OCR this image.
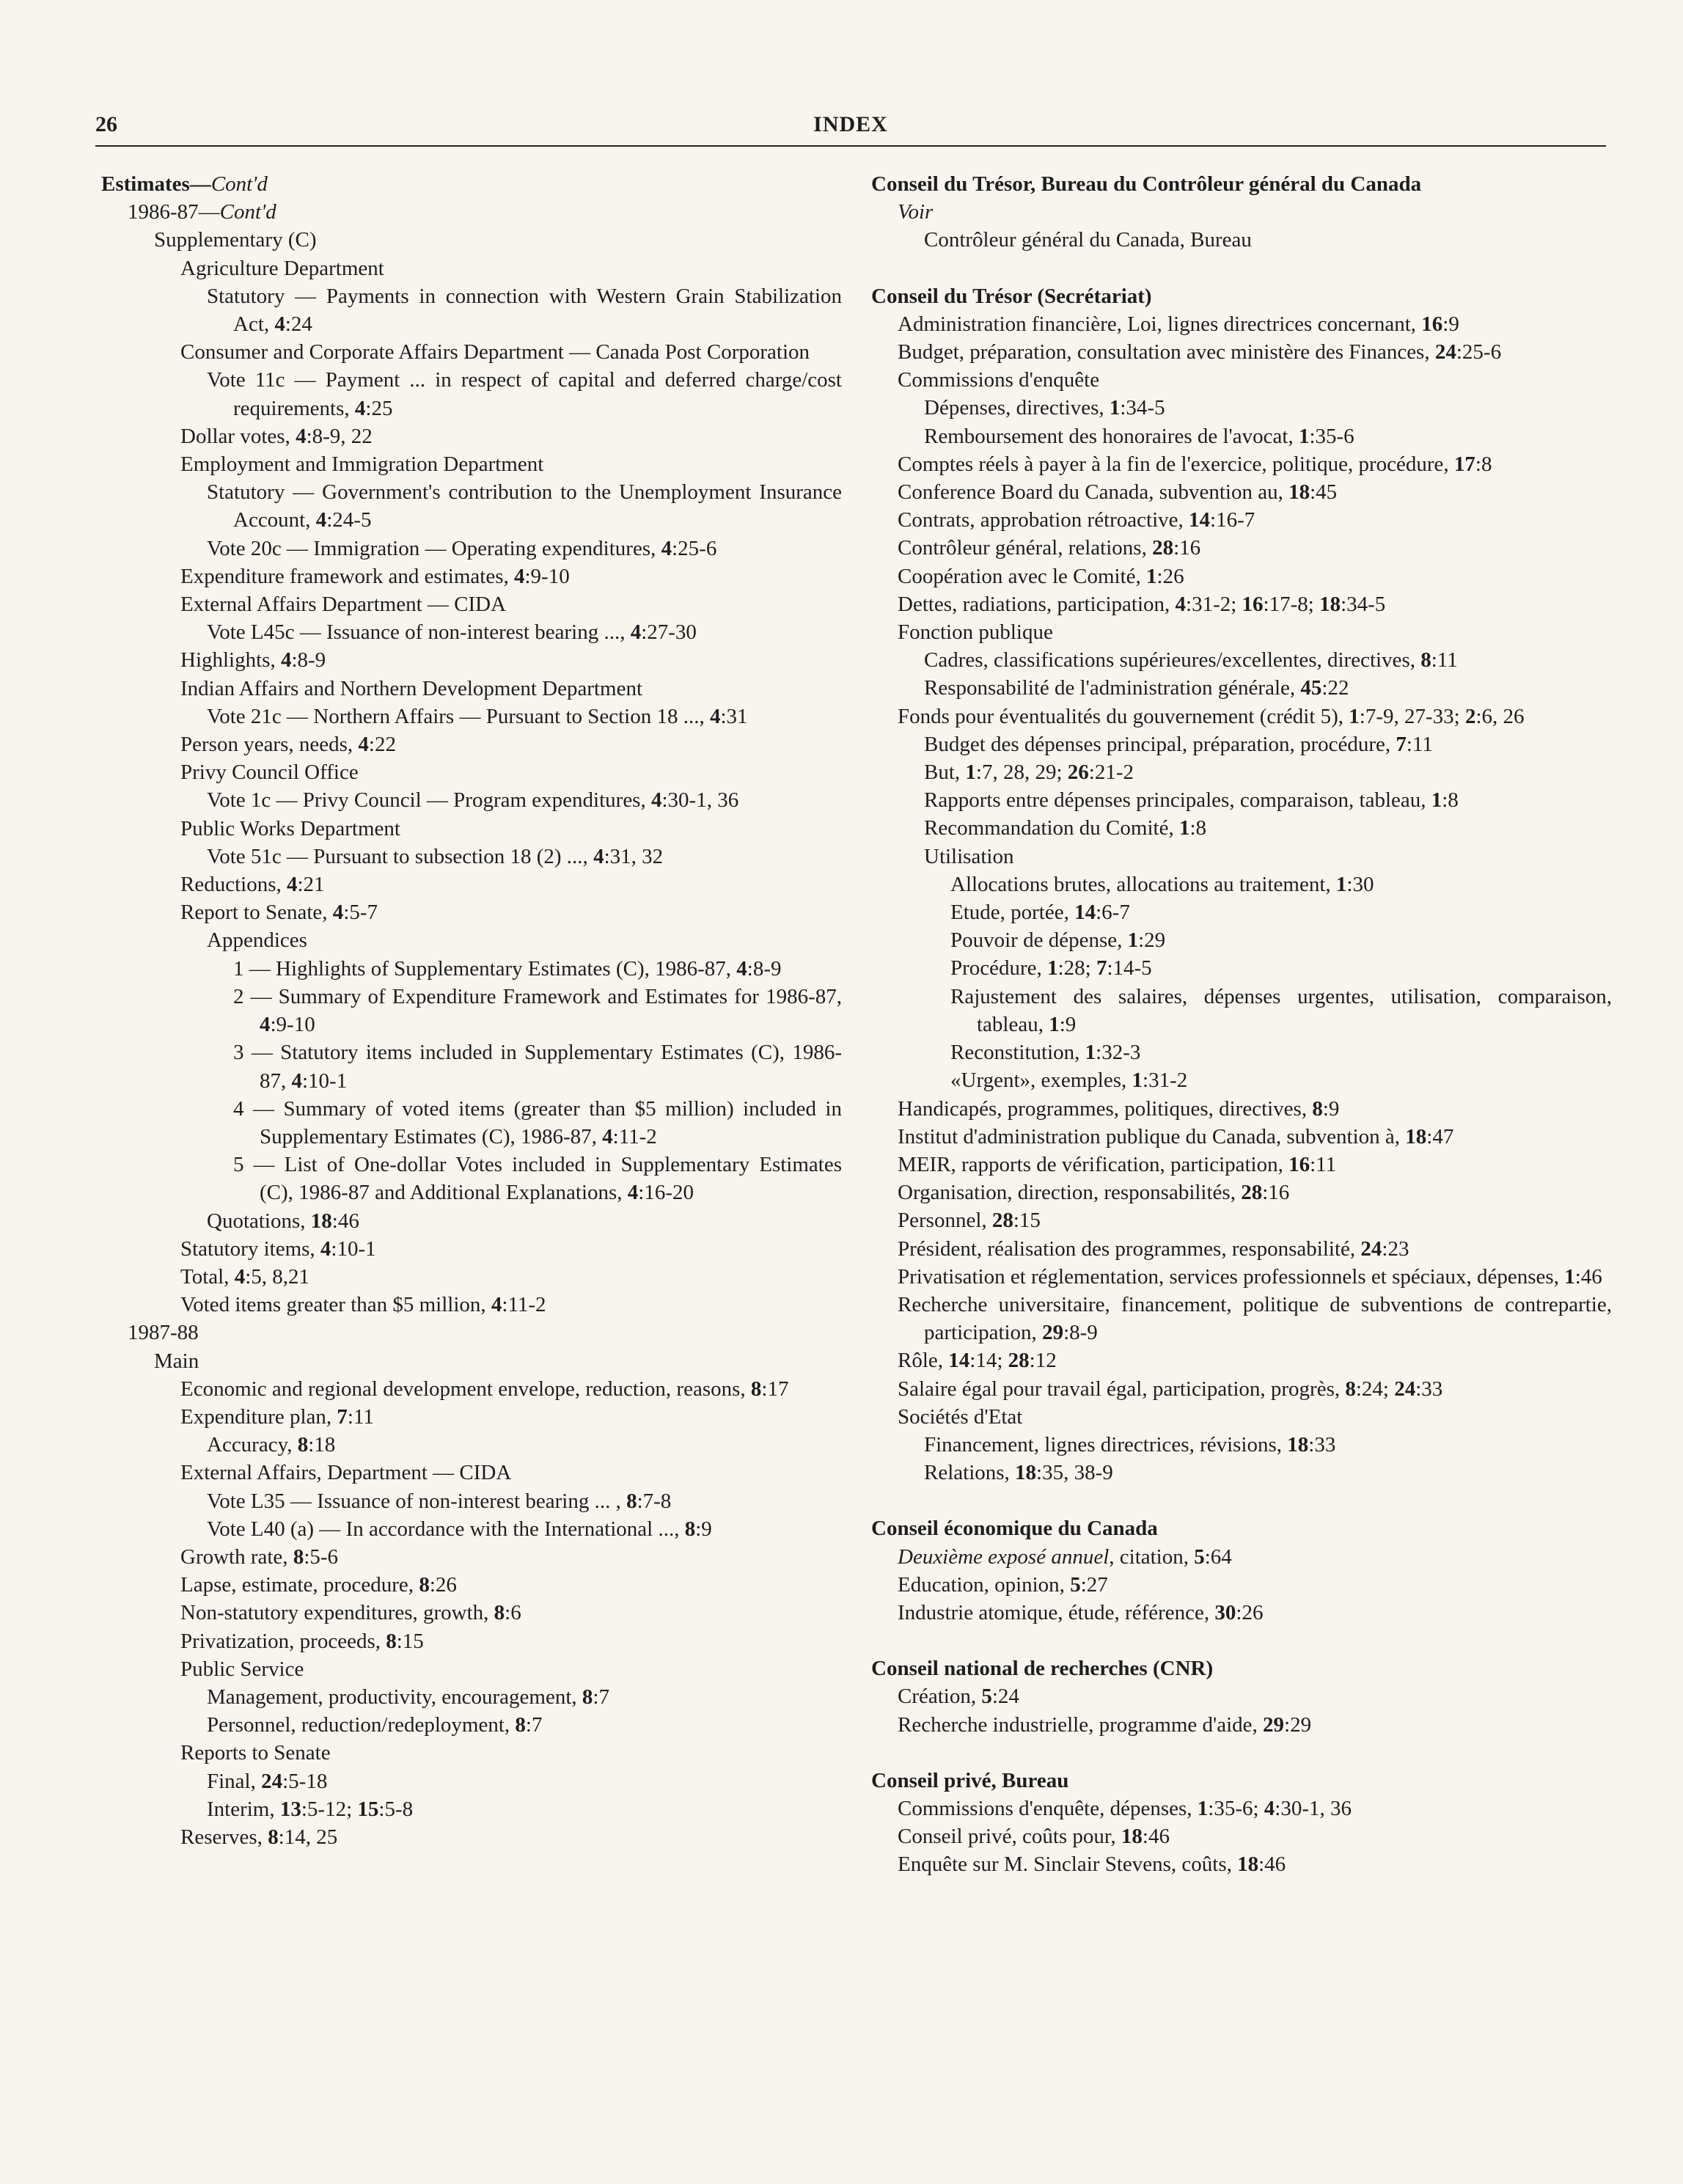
26	INDEX
Estimates—Cont'd
1986-87—Cont'd
Supplementary (C)
Agriculture Department
Statutory — Payments in connection with Western Grain Stabilization Act, 4:24
Consumer and Corporate Affairs Department — Canada Post Corporation
Vote 11c — Payment ... in respect of capital and deferred charge/cost requirements, 4:25
Dollar votes, 4:8-9, 22
Employment and Immigration Department
Statutory — Government's contribution to the Unemployment Insurance Account, 4:24-5
Vote 20c — Immigration — Operating expenditures, 4:25-6
Expenditure framework and estimates, 4:9-10
External Affairs Department — CIDA
Vote L45c — Issuance of non-interest bearing ..., 4:27-30
Highlights, 4:8-9
Indian Affairs and Northern Development Department
Vote 21c — Northern Affairs — Pursuant to Section 18 ..., 4:31
Person years, needs, 4:22
Privy Council Office
Vote 1c — Privy Council — Program expenditures, 4:30-1, 36
Public Works Department
Vote 51c — Pursuant to subsection 18 (2) ..., 4:31, 32
Reductions, 4:21
Report to Senate, 4:5-7
Appendices
1 — Highlights of Supplementary Estimates (C), 1986-87, 4:8-9
2 — Summary of Expenditure Framework and Estimates for 1986-87, 4:9-10
3 — Statutory items included in Supplementary Estimates (C), 1986-87, 4:10-1
4 — Summary of voted items (greater than $5 million) included in Supplementary Estimates (C), 1986-87, 4:11-2
5 — List of One-dollar Votes included in Supplementary Estimates (C), 1986-87 and Additional Explanations, 4:16-20
Quotations, 18:46
Statutory items, 4:10-1
Total, 4:5, 8,21
Voted items greater than $5 million, 4:11-2
1987-88
Main
Economic and regional development envelope, reduction, reasons, 8:17
Expenditure plan, 7:11
Accuracy, 8:18
External Affairs, Department — CIDA
Vote L35 — Issuance of non-interest bearing ... , 8:7-8
Vote L40 (a) — In accordance with the International ..., 8:9
Growth rate, 8:5-6
Lapse, estimate, procedure, 8:26
Non-statutory expenditures, growth, 8:6
Privatization, proceeds, 8:15
Public Service
Management, productivity, encouragement, 8:7
Personnel, reduction/redeployment, 8:7
Reports to Senate
Final, 24:5-18
Interim, 13:5-12; 15:5-8
Reserves, 8:14, 25
Conseil du Trésor, Bureau du Contrôleur général du Canada
Voir
Contrôleur général du Canada, Bureau
Conseil du Trésor (Secrétariat)
Administration financière, Loi, lignes directrices concernant, 16:9
Budget, préparation, consultation avec ministère des Finances, 24:25-6
Commissions d'enquête
Dépenses, directives, 1:34-5
Remboursement des honoraires de l'avocat, 1:35-6
Comptes réels à payer à la fin de l'exercice, politique, procédure, 17:8
Conference Board du Canada, subvention au, 18:45
Contrats, approbation rétroactive, 14:16-7
Contrôleur général, relations, 28:16
Coopération avec le Comité, 1:26
Dettes, radiations, participation, 4:31-2; 16:17-8; 18:34-5
Fonction publique
Cadres, classifications supérieures/excellentes, directives, 8:11
Responsabilité de l'administration générale, 45:22
Fonds pour éventualités du gouvernement (crédit 5), 1:7-9, 27-33; 2:6, 26
Budget des dépenses principal, préparation, procédure, 7:11
But, 1:7, 28, 29; 26:21-2
Rapports entre dépenses principales, comparaison, tableau, 1:8
Recommandation du Comité, 1:8
Utilisation
Allocations brutes, allocations au traitement, 1:30
Etude, portée, 14:6-7
Pouvoir de dépense, 1:29
Procédure, 1:28; 7:14-5
Rajustement des salaires, dépenses urgentes, utilisation, comparaison, tableau, 1:9
Reconstitution, 1:32-3
«Urgent», exemples, 1:31-2
Handicapés, programmes, politiques, directives, 8:9
Institut d'administration publique du Canada, subvention à, 18:47
MEIR, rapports de vérification, participation, 16:11
Organisation, direction, responsabilités, 28:16
Personnel, 28:15
Président, réalisation des programmes, responsabilité, 24:23
Privatisation et réglementation, services professionnels et spéciaux, dépenses, 1:46
Recherche universitaire, financement, politique de subventions de contrepartie, participation, 29:8-9
Rôle, 14:14; 28:12
Salaire égal pour travail égal, participation, progrès, 8:24; 24:33
Sociétés d'Etat
Financement, lignes directrices, révisions, 18:33
Relations, 18:35, 38-9
Conseil économique du Canada
Deuxième exposé annuel, citation, 5:64
Education, opinion, 5:27
Industrie atomique, étude, référence, 30:26
Conseil national de recherches (CNR)
Création, 5:24
Recherche industrielle, programme d'aide, 29:29
Conseil privé, Bureau
Commissions d'enquête, dépenses, 1:35-6; 4:30-1, 36
Conseil privé, coûts pour, 18:46
Enquête sur M. Sinclair Stevens, coûts, 18:46
